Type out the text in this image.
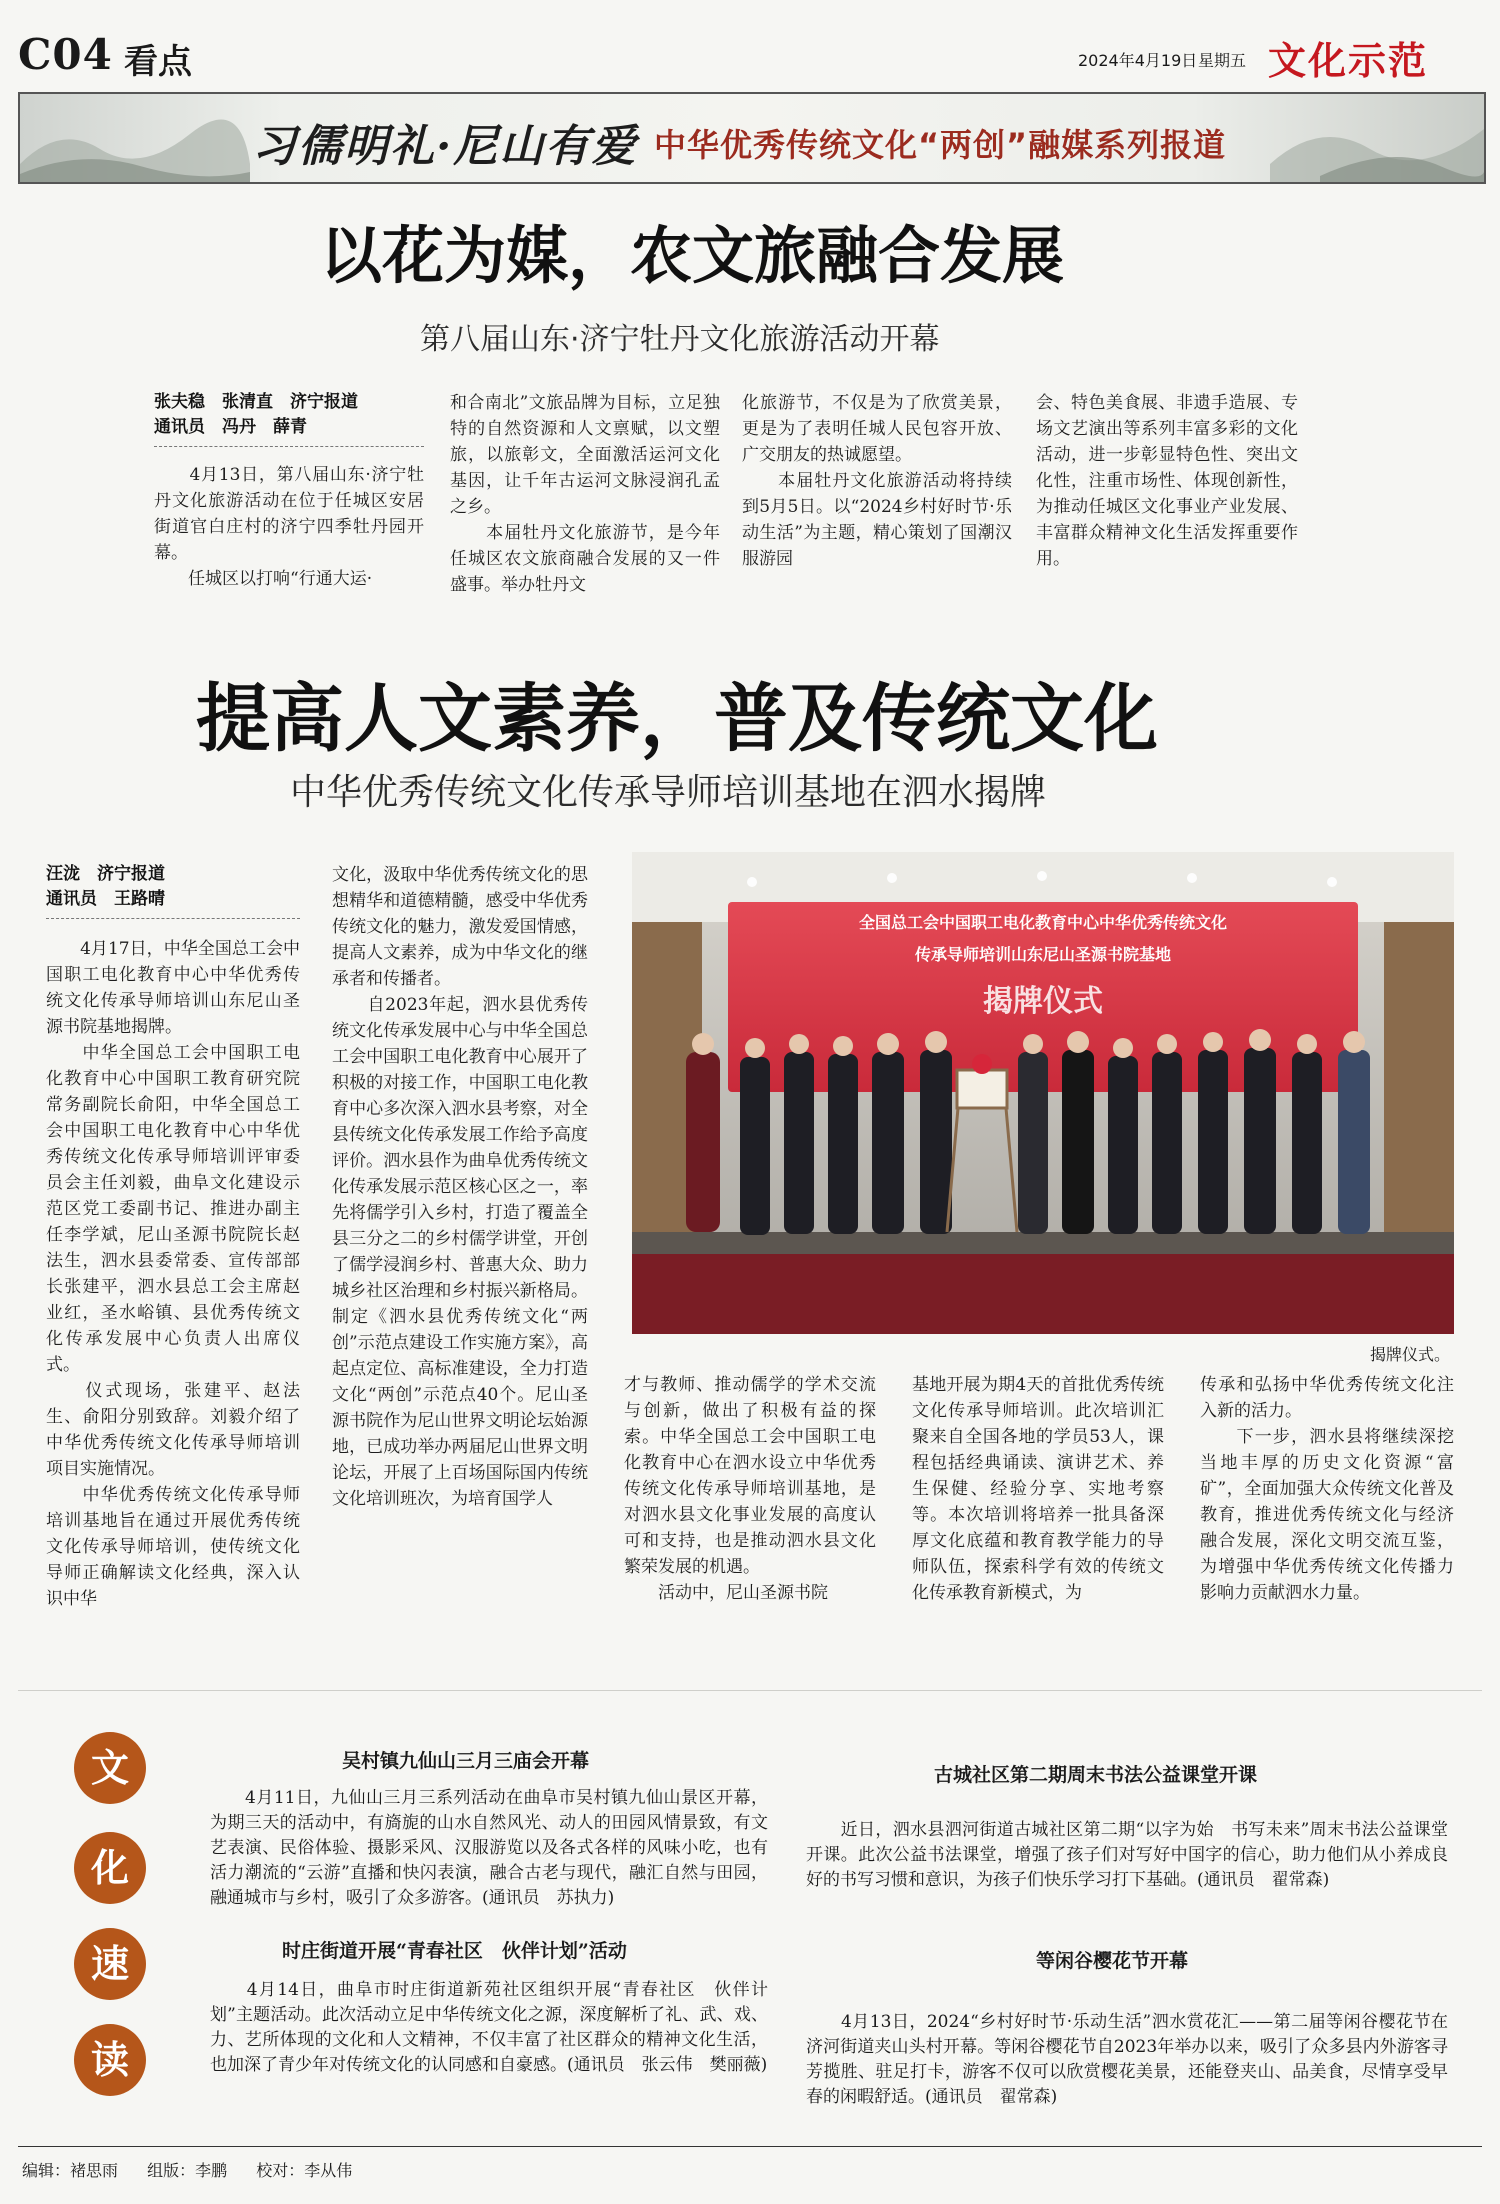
C04 看点	2024年4月19日 星期五 文化示范
习儒明礼·尼山有爱 中华优秀传统文化“两创”融媒系列报道
以花为媒，农文旅融合发展
第八届山东·济宁牡丹文化旅游活动开幕
张夫稳　张清直　济宁报道
通讯员　冯丹　薛青
　　4月13日，第八届山东·济宁牡丹文化旅游活动在位于任城区安居街道官白庄村的济宁四季牡丹园开幕。
　　任城区以打响“行通大运·
和合南北”文旅品牌为目标，立足独特的自然资源和人文禀赋，以文塑旅，以旅彰文，全面激活运河文化基因，让千年古运河文脉浸润孔孟之乡。
　　本届牡丹文化旅游节，是今年任城区农文旅商融合发展的又一件盛事。举办牡丹文
化旅游节，不仅是为了欣赏美景，更是为了表明任城人民包容开放、广交朋友的热诚愿望。
　　本届牡丹文化旅游活动将持续到5月5日。以“2024乡村好时节·乐动生活”为主题，精心策划了国潮汉服游园
会、特色美食展、非遗手造展、专场文艺演出等系列丰富多彩的文化活动，进一步彰显特色性、突出文化性，注重市场性、体现创新性，为推动任城区文化事业产业发展、丰富群众精神文化生活发挥重要作用。
提高人文素养，普及传统文化
中华优秀传统文化传承导师培训基地在泗水揭牌
汪泷　济宁报道
通讯员　王路晴
　　4月17日，中华全国总工会中国职工电化教育中心中华优秀传统文化传承导师培训山东尼山圣源书院基地揭牌。
　　中华全国总工会中国职工电化教育中心中国职工教育研究院常务副院长俞阳，中华全国总工会中国职工电化教育中心中华优秀传统文化传承导师培训评审委员会主任刘毅，曲阜文化建设示范区党工委副书记、推进办副主任李学斌，尼山圣源书院院长赵法生，泗水县委常委、宣传部部长张建平，泗水县总工会主席赵业红，圣水峪镇、县优秀传统文化传承发展中心负责人出席仪式。
　　仪式现场，张建平、赵法生、俞阳分别致辞。刘毅介绍了中华优秀传统文化传承导师培训项目实施情况。
　　中华优秀传统文化传承导师培训基地旨在通过开展优秀传统文化传承导师培训，使传统文化导师正确解读文化经典，深入认识中华
文化，汲取中华优秀传统文化的思想精华和道德精髓，感受中华优秀传统文化的魅力，激发爱国情感，提高人文素养，成为中华文化的继承者和传播者。
　　自2023年起，泗水县优秀传统文化传承发展中心与中华全国总工会中国职工电化教育中心展开了积极的对接工作，中国职工电化教育中心多次深入泗水县考察，对全县传统文化传承发展工作给予高度评价。泗水县作为曲阜优秀传统文化传承发展示范区核心区之一，率先将儒学引入乡村，打造了覆盖全县三分之二的乡村儒学讲堂，开创了儒学浸润乡村、普惠大众、助力城乡社区治理和乡村振兴新格局。制定《泗水县优秀传统文化“两创”示范点建设工作实施方案》，高起点定位、高标准建设，全力打造文化“两创”示范点40个。尼山圣源书院作为尼山世界文明论坛始源地，已成功举办两届尼山世界文明论坛，开展了上百场国际国内传统文化培训班次，为培育国学人
全国总工会中国职工电化教育中心中华优秀传统文化
传承导师培训山东尼山圣源书院基地
揭牌仪式
揭牌仪式。
才与教师、推动儒学的学术交流与创新，做出了积极有益的探索。中华全国总工会中国职工电化教育中心在泗水设立中华优秀传统文化传承导师培训基地，是对泗水县文化事业发展的高度认可和支持，也是推动泗水县文化繁荣发展的机遇。
　　活动中，尼山圣源书院
基地开展为期4天的首批优秀传统文化传承导师培训。此次培训汇聚来自全国各地的学员53人，课程包括经典诵读、演讲艺术、养生保健、经验分享、实地考察等。本次培训将培养一批具备深厚文化底蕴和教育教学能力的导师队伍，探索科学有效的传统文化传承教育新模式，为
传承和弘扬中华优秀传统文化注入新的活力。
　　下一步，泗水县将继续深挖当地丰厚的历史文化资源“富矿”，全面加强大众传统文化普及教育，推进优秀传统文化与经济融合发展，深化文明交流互鉴，为增强中华优秀传统文化传播力影响力贡献泗水力量。
文
化
速
读
吴村镇九仙山三月三庙会开幕
　　4月11日，九仙山三月三系列活动在曲阜市吴村镇九仙山景区开幕，为期三天的活动中，有旖旎的山水自然风光、动人的田园风情景致，有文艺表演、民俗体验、摄影采风、汉服游览以及各式各样的风味小吃，也有活力潮流的“云游”直播和快闪表演，融合古老与现代，融汇自然与田园，融通城市与乡村，吸引了众多游客。(通讯员　苏执力)
时庄街道开展“青春社区　伙伴计划”活动
　　4月14日，曲阜市时庄街道新苑社区组织开展“青春社区　伙伴计划”主题活动。此次活动立足中华传统文化之源，深度解析了礼、武、戏、力、艺所体现的文化和人文精神，不仅丰富了社区群众的精神文化生活，也加深了青少年对传统文化的认同感和自豪感。(通讯员　张云伟　樊丽薇)
古城社区第二期周末书法公益课堂开课
　　近日，泗水县泗河街道古城社区第二期“以字为始　书写未来”周末书法公益课堂开课。此次公益书法课堂，增强了孩子们对写好中国字的信心，助力他们从小养成良好的书写习惯和意识，为孩子们快乐学习打下基础。(通讯员　翟常森)
等闲谷樱花节开幕
　　4月13日，2024“乡村好时节·乐动生活”泗水赏花汇——第二届等闲谷樱花节在济河街道夹山头村开幕。等闲谷樱花节自2023年举办以来，吸引了众多县内外游客寻芳揽胜、驻足打卡，游客不仅可以欣赏樱花美景，还能登夹山、品美食，尽情享受早春的闲暇舒适。(通讯员　翟常森)
编辑：褚思雨 组版：李鹏 校对：李从伟
